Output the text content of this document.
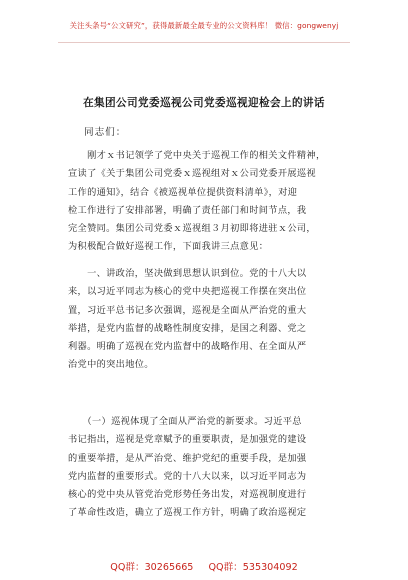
关注头条号“公文研究”，获得最新最全最专业的公文资料库！ 微信：gongwenyj
在集团公司党委巡视公司党委巡视迎检会上的讲话
同志们：
　　刚才ｘ书记领学了党中央关于巡视工作的相关文件精神，
宣读了《关于集团公司党委ｘ巡视组对ｘ公司党委开展巡视
工作的通知》，结合《被巡视单位提供资料清单》，对迎
检工作进行了安排部署，明确了责任部门和时间节点，我
完全赞同。集团公司党委ｘ巡视组３月初即将进驻ｘ公司，
为积极配合做好巡视工作，下面我讲三点意见：
　　一、讲政治，坚决做到思想认识到位。党的十八大以
来，以习近平同志为核心的党中央把巡视工作摆在突出位
置，习近平总书记多次强调，巡视是全面从严治党的重大
举措，是党内监督的战略性制度安排，是国之利器、党之
利器。明确了巡视在党内监督中的战略作用、在全面从严
治党中的突出地位。
　　（一）巡视体现了全面从严治党的新要求。习近平总
书记指出，巡视是党章赋予的重要职责，是加强党的建设
的重要举措，是从严治党、维护党纪的重要手段，是加强
党内监督的重要形式。党的十八大以来，以习近平同志为
核心的党中央从管党治党形势任务出发，对巡视制度进行
了革命性改造，确立了巡视工作方针，明确了政治巡视定
QQ群：30265665 QQ群：535304092
